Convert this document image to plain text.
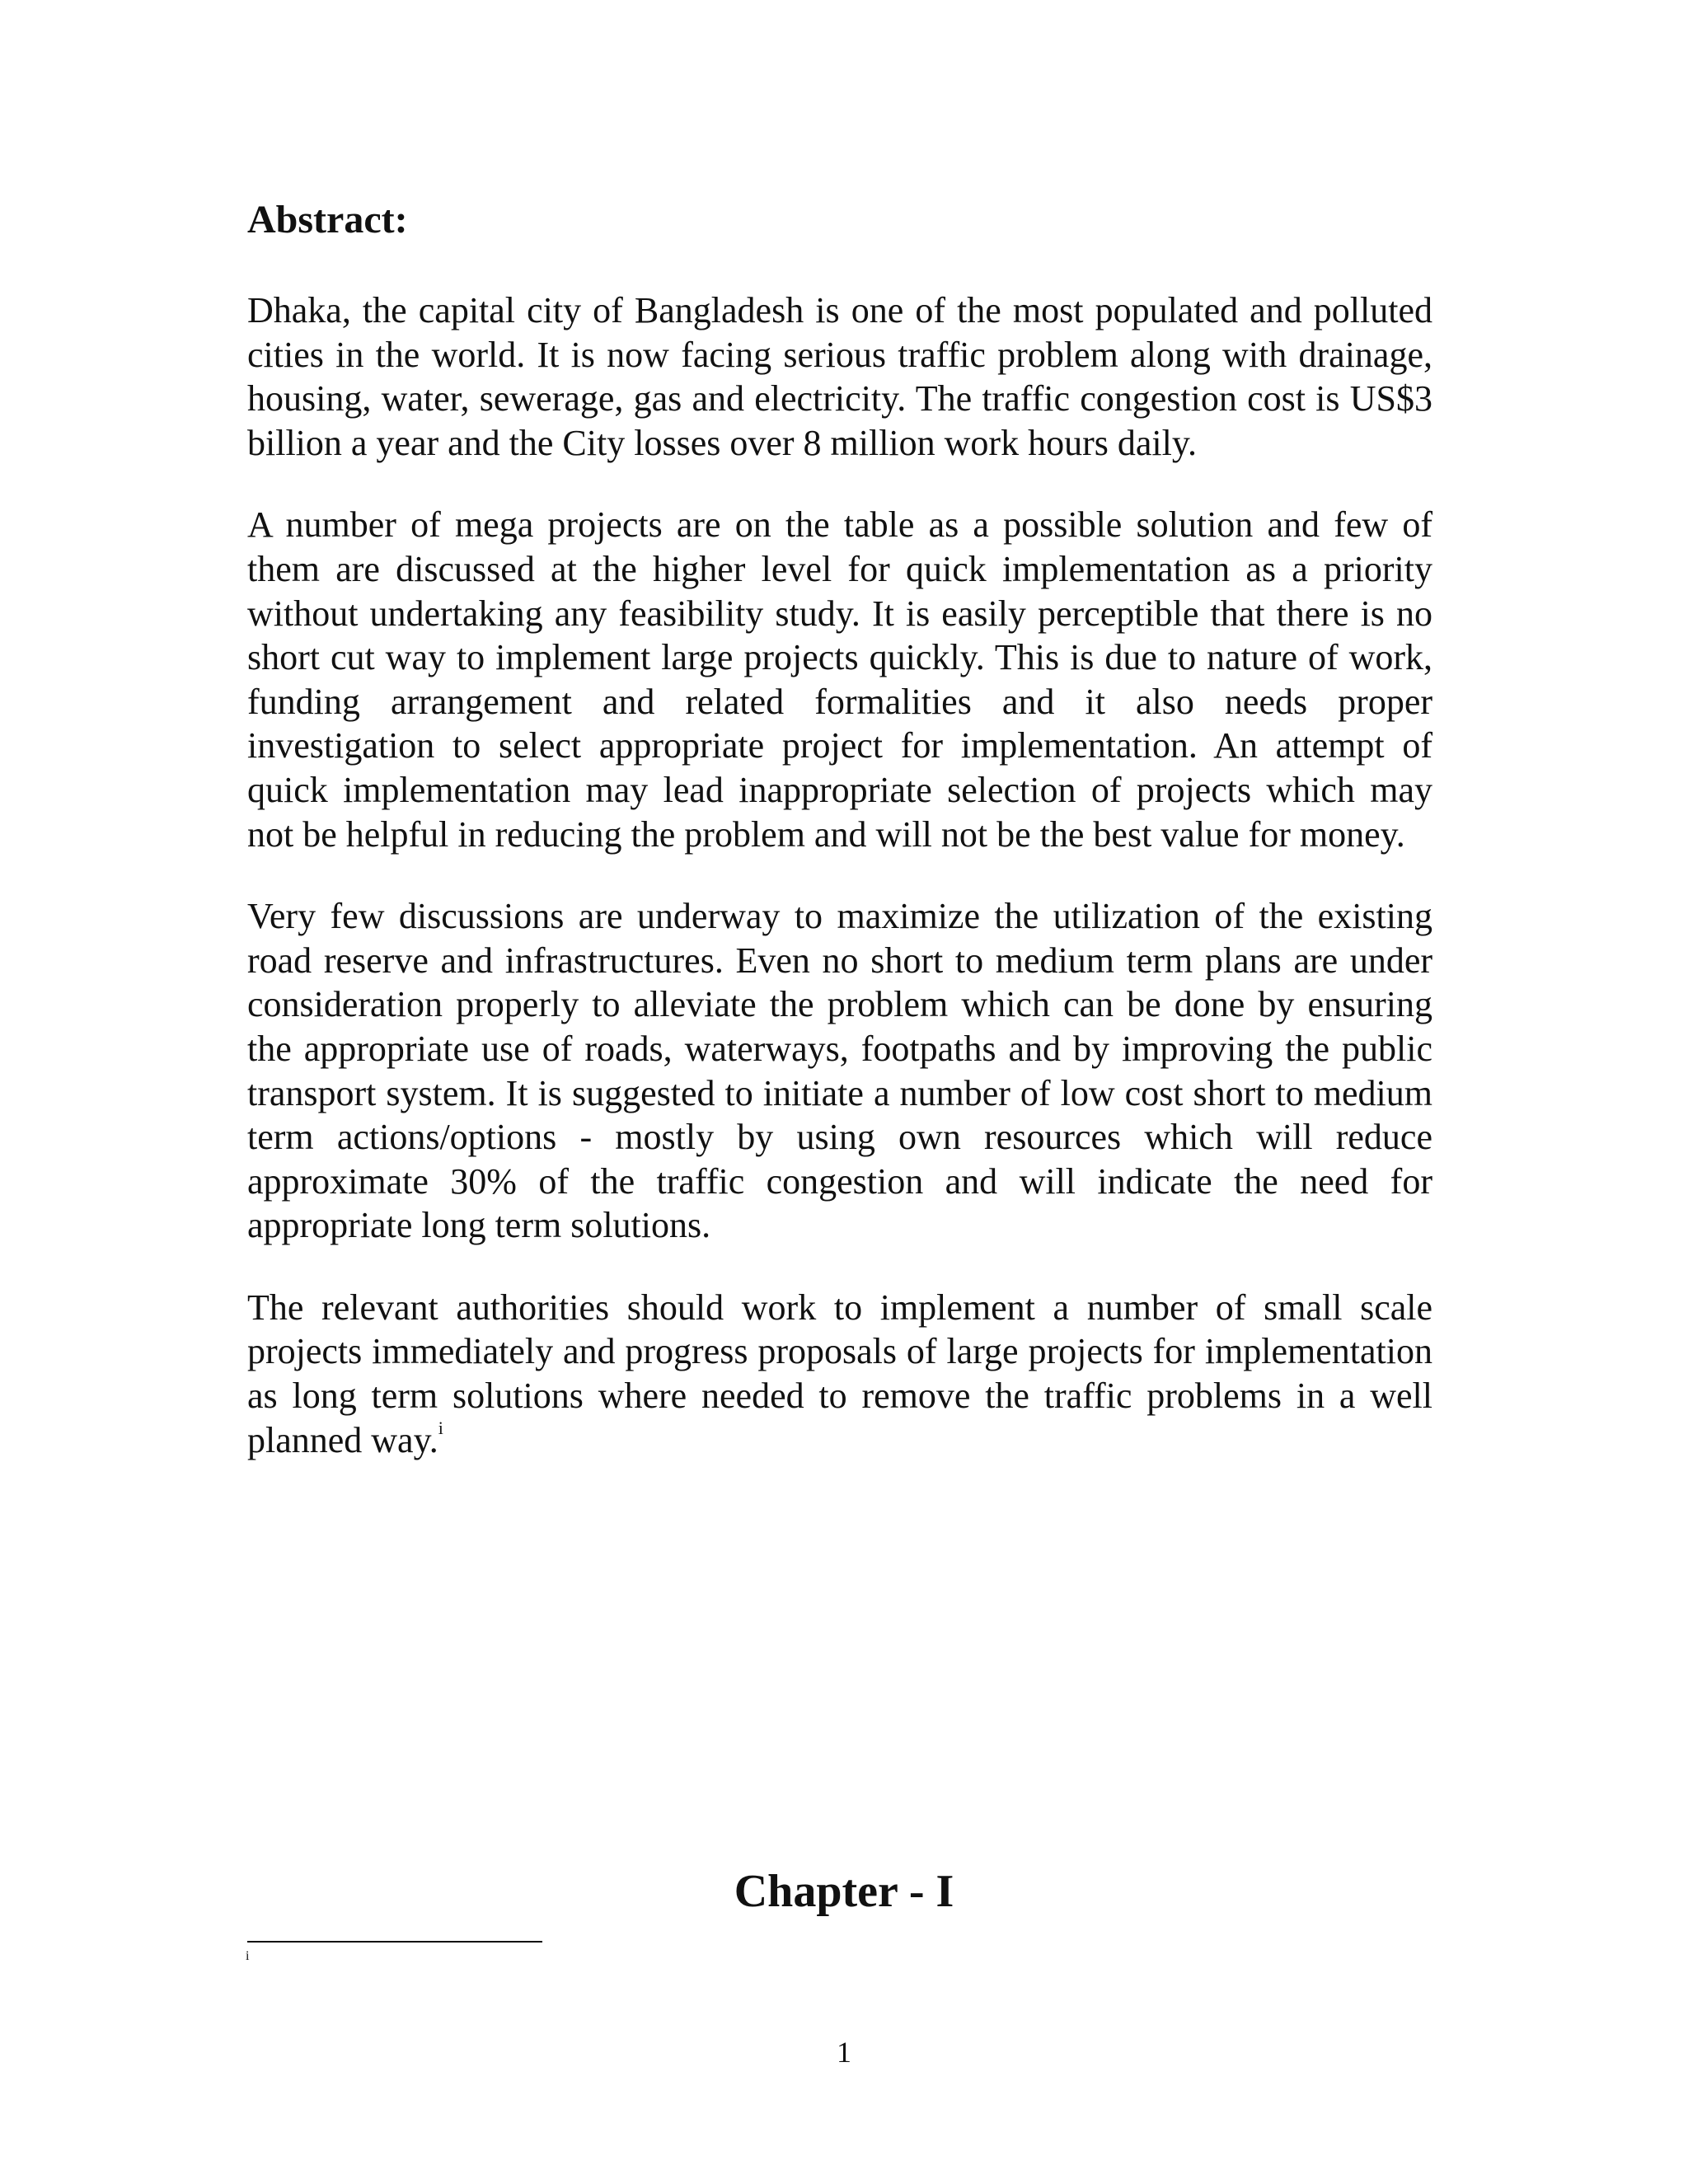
Abstract:

Dhaka, the capital city of Bangladesh is one of the most populated and polluted cities in the world. It is now facing serious traffic problem along with drainage, housing, water, sewerage, gas and electricity. The traffic congestion cost is US$3 billion a year and the City losses over 8 million work hours daily.

A number of mega projects are on the table as a possible solution and few of them are discussed at the higher level for quick implementation as a priority without undertaking any feasibility study. It is easily perceptible that there is no short cut way to implement large projects quickly. This is due to nature of work, funding arrangement and related formalities and it also needs proper investigation to select appropriate project for implementation. An attempt of quick implementation may lead inappropriate selection of projects which may not be helpful in reducing the problem and will not be the best value for money.

Very few discussions are underway to maximize the utilization of the existing road reserve and infrastructures. Even no short to medium term plans are under consideration properly to alleviate the problem which can be done by ensuring the appropriate use of roads, waterways, footpaths and by improving the public transport system. It is suggested to initiate a number of low cost short to medium term actions/options - mostly by using own resources which will reduce approximate 30% of the traffic congestion and will indicate the need for appropriate long term solutions.

The relevant authorities should work to implement a number of small scale projects immediately and progress proposals of large projects for implementation as long term solutions where needed to remove the traffic problems in a well planned way.$^i$

Chapter - I
i
1
